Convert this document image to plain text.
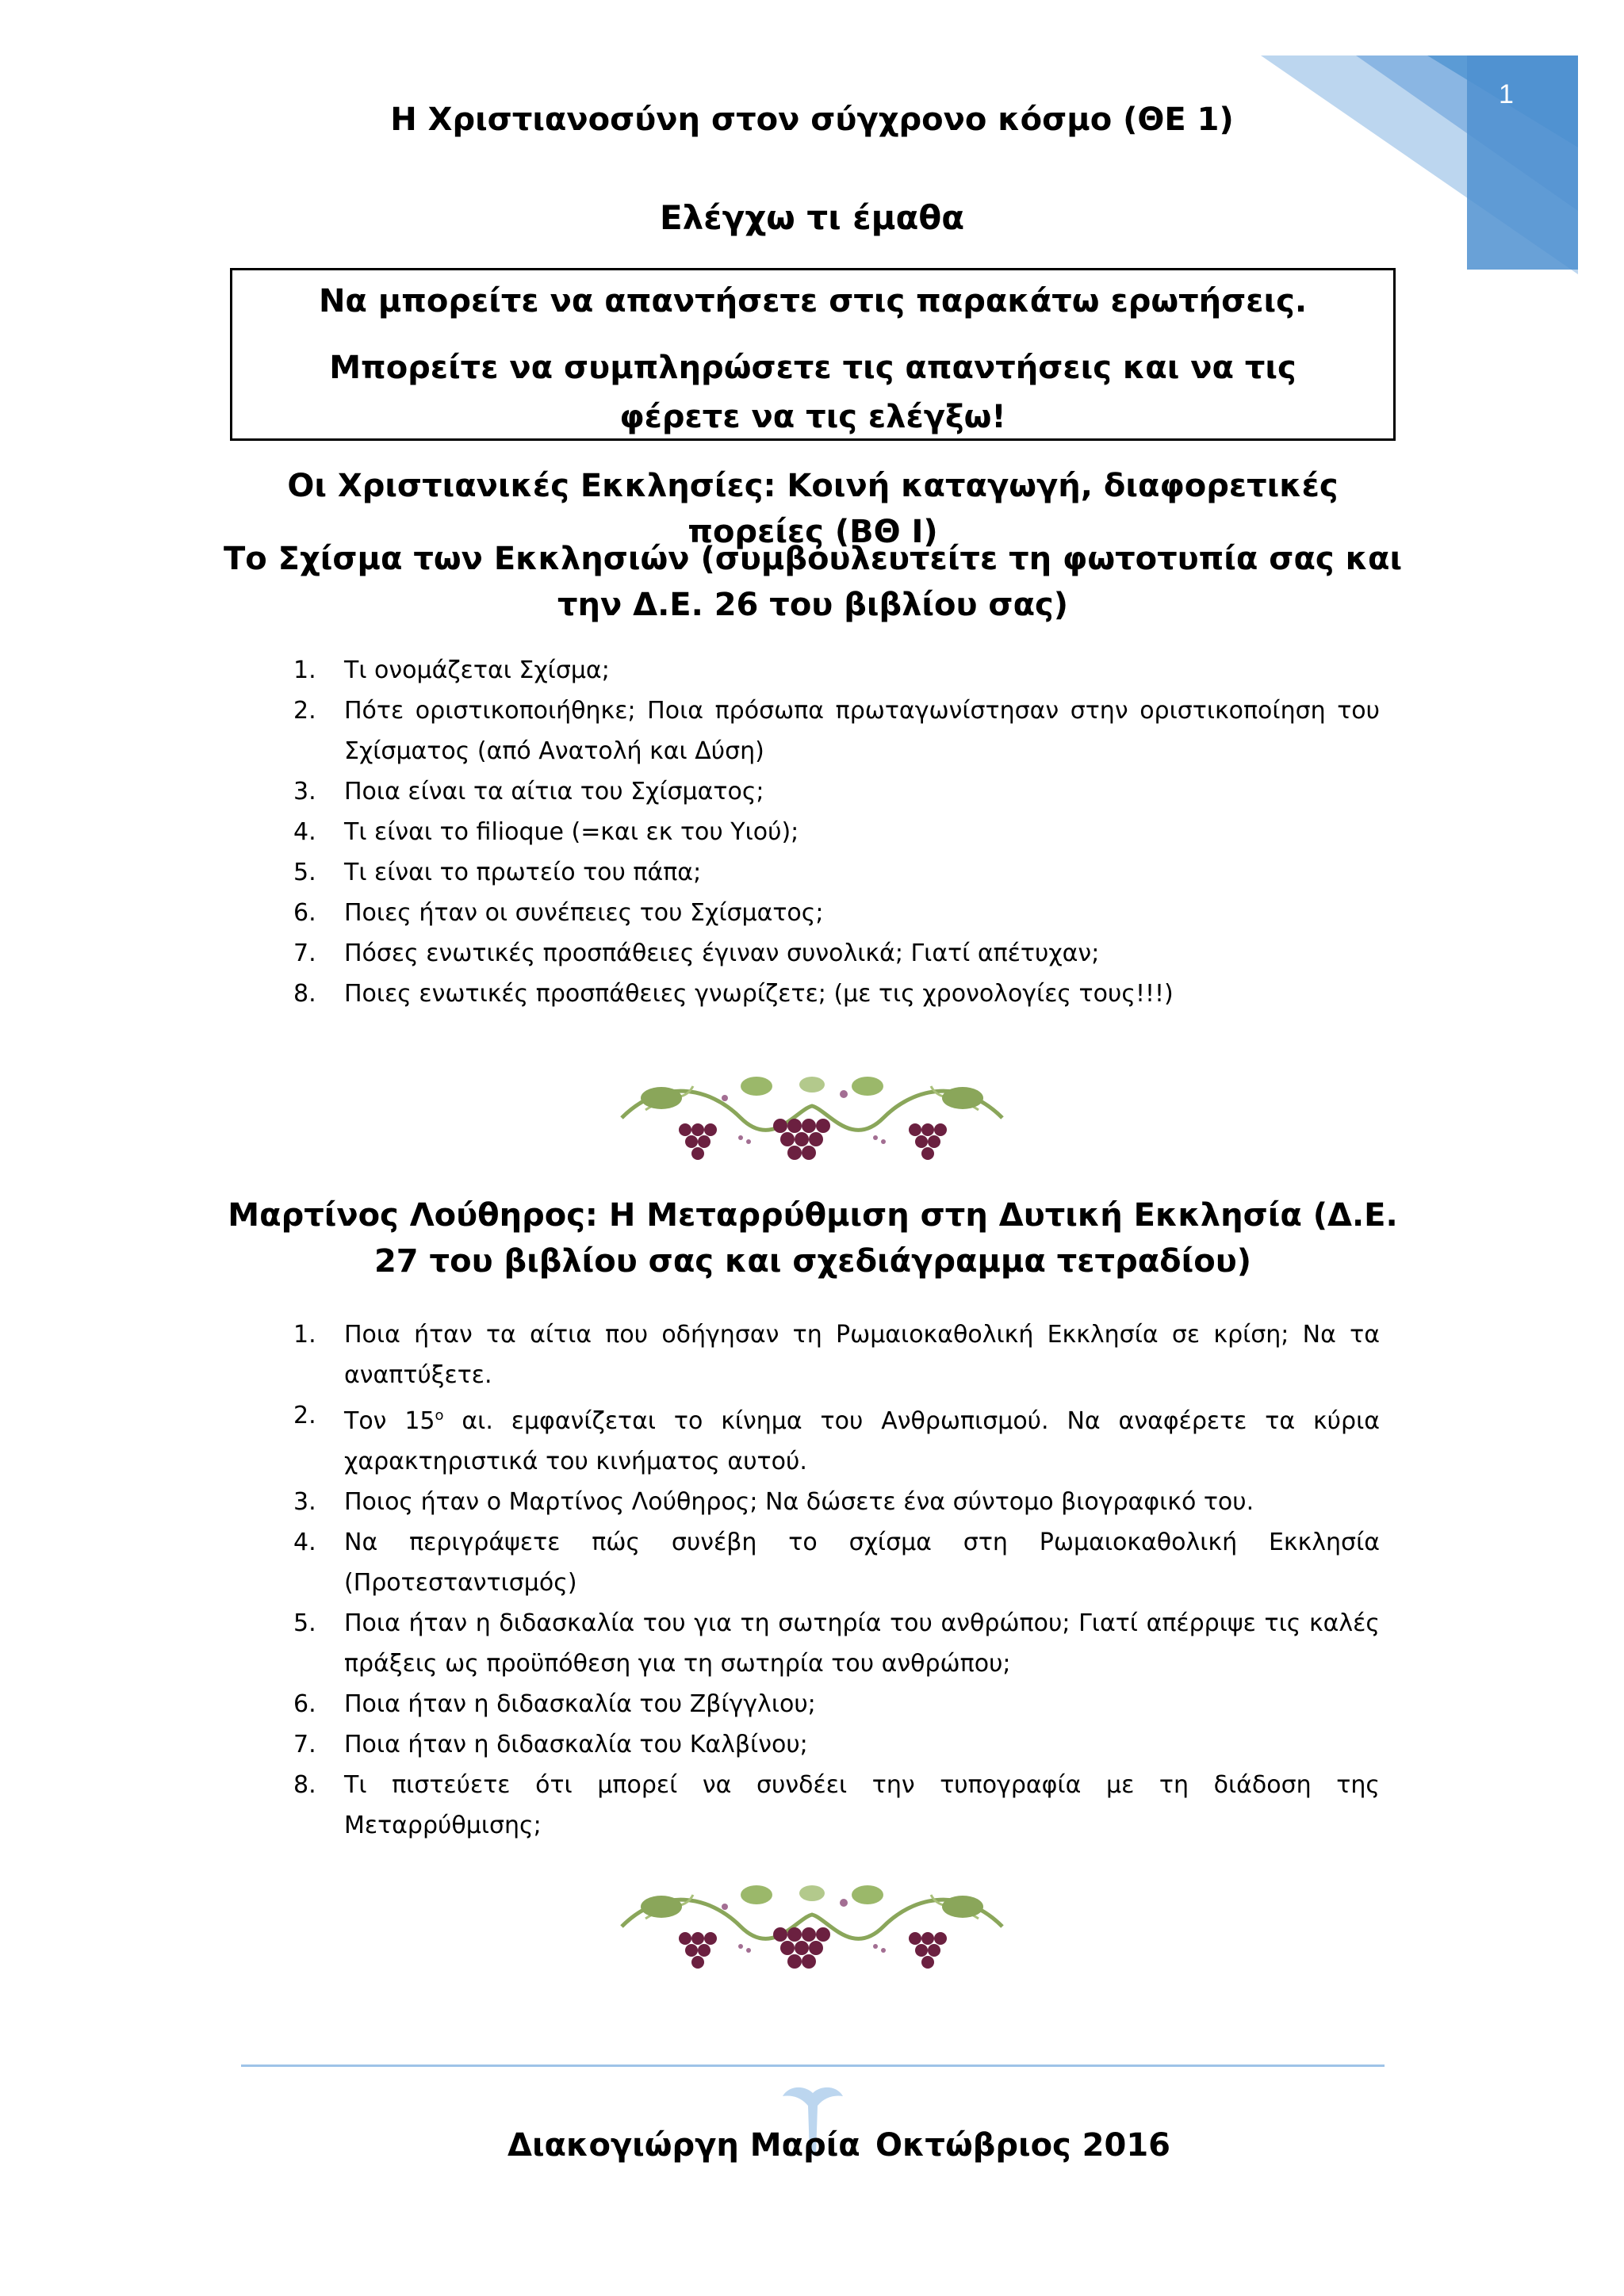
1
Η Χριστιανοσύνη στον σύγχρονο κόσμο (ΘΕ 1)
Ελέγχω τι έμαθα
Να μπορείτε να απαντήσετε στις παρακάτω ερωτήσεις.
Μπορείτε να συμπληρώσετε τις απαντήσεις και να τις φέρετε να τις ελέγξω!
Οι Χριστιανικές Εκκλησίες: Κοινή καταγωγή, διαφορετικές πορείες (ΒΘ Ι)
Το Σχίσμα των Εκκλησιών (συμβουλευτείτε τη φωτοτυπία σας και την Δ.Ε. 26 του βιβλίου σας)
1. Τι ονομάζεται Σχίσμα;
2. Πότε οριστικοποιήθηκε; Ποια πρόσωπα πρωταγωνίστησαν στην οριστικοποίηση του Σχίσματος (από Ανατολή και Δύση)
3. Ποια είναι τα αίτια του Σχίσματος;
4. Τι είναι το filioque (=και εκ του Υιού);
5. Τι είναι το πρωτείο του πάπα;
6. Ποιες ήταν οι συνέπειες του Σχίσματος;
7. Πόσες ενωτικές προσπάθειες έγιναν συνολικά; Γιατί απέτυχαν;
8. Ποιες ενωτικές προσπάθειες γνωρίζετε; (με τις χρονολογίες τους!!!)
Μαρτίνος Λούθηρος: Η Μεταρρύθμιση στη Δυτική Εκκλησία (Δ.Ε. 27 του βιβλίου σας και σχεδιάγραμμα τετραδίου)
1. Ποια ήταν τα αίτια που οδήγησαν τη Ρωμαιοκαθολική Εκκλησία σε κρίση; Να τα αναπτύξετε.
2. Τον $15^o$ αι. εμφανίζεται το κίνημα του Ανθρωπισμού. Να αναφέρετε τα κύρια χαρακτηριστικά του κινήματος αυτού.
3. Ποιος ήταν ο Μαρτίνος Λούθηρος; Να δώσετε ένα σύντομο βιογραφικό του.
4. Να περιγράψετε πώς συνέβη το σχίσμα στη Ρωμαιοκαθολική Εκκλησία (Προτεσταντισμός)
5. Ποια ήταν η διδασκαλία του για τη σωτηρία του ανθρώπου; Γιατί απέρριψε τις καλές πράξεις ως προϋπόθεση για τη σωτηρία του ανθρώπου;
6. Ποια ήταν η διδασκαλία του Ζβίγγλιου;
7. Ποια ήταν η διδασκαλία του Καλβίνου;
8. Τι πιστεύετε ότι μπορεί να συνδέει την τυπογραφία με τη διάδοση της Μεταρρύθμισης;
Διακογιώργη Μαρία Οκτώβριος 2016
